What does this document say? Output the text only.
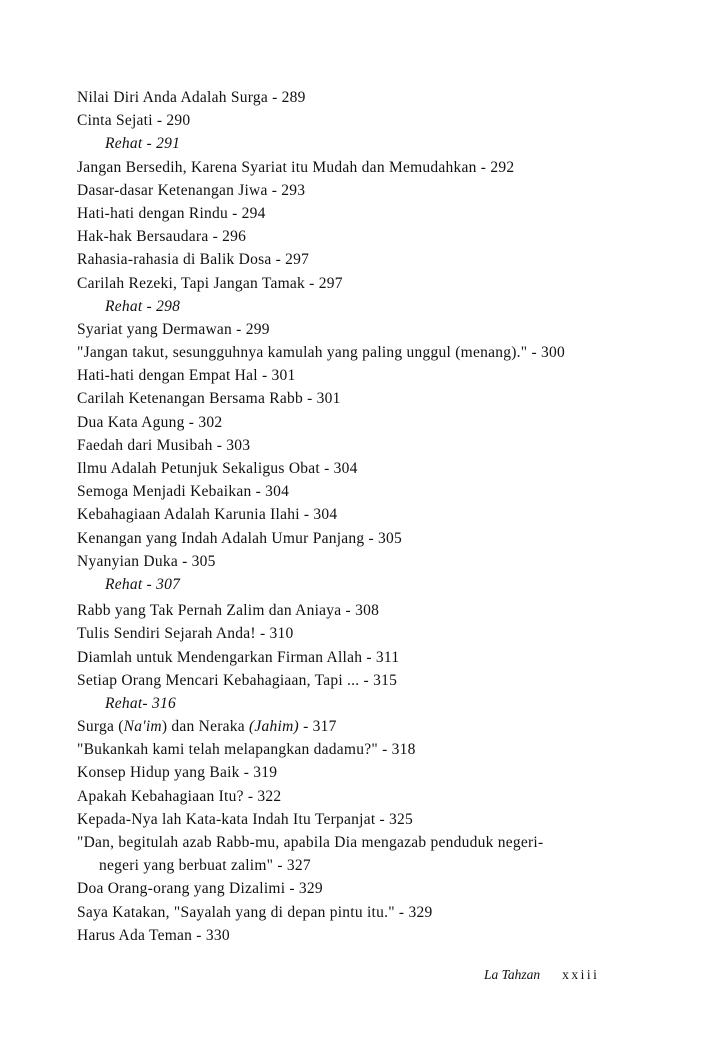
Nilai Diri Anda Adalah Surga - 289
Cinta Sejati - 290
Rehat - 291
Jangan Bersedih, Karena Syariat itu Mudah dan Memudahkan - 292
Dasar-dasar Ketenangan Jiwa - 293
Hati-hati dengan Rindu - 294
Hak-hak Bersaudara - 296
Rahasia-rahasia di Balik Dosa - 297
Carilah Rezeki, Tapi Jangan Tamak - 297
Rehat - 298
Syariat yang Dermawan - 299
"Jangan takut, sesungguhnya kamulah yang paling unggul (menang)." - 300
Hati-hati dengan Empat Hal - 301
Carilah Ketenangan Bersama Rabb - 301
Dua Kata Agung - 302
Faedah dari Musibah - 303
Ilmu Adalah Petunjuk Sekaligus Obat - 304
Semoga Menjadi Kebaikan - 304
Kebahagiaan Adalah Karunia Ilahi - 304
Kenangan yang Indah Adalah Umur Panjang - 305
Nyanyian Duka - 305
Rehat - 307
Rabb yang Tak Pernah Zalim dan Aniaya - 308
Tulis Sendiri Sejarah Anda! - 310
Diamlah untuk Mendengarkan Firman Allah - 311
Setiap Orang Mencari Kebahagiaan, Tapi ... - 315
Rehat- 316
Surga (Na'im) dan Neraka (Jahim) - 317
"Bukankah kami telah melapangkan dadamu?" - 318
Konsep Hidup yang Baik - 319
Apakah Kebahagiaan Itu? - 322
Kepada-Nya lah Kata-kata Indah Itu Terpanjat - 325
"Dan, begitulah azab Rabb-mu, apabila Dia mengazab penduduk negeri-
negeri yang berbuat zalim" - 327
Doa Orang-orang yang Dizalimi - 329
Saya Katakan, "Sayalah yang di depan pintu itu." - 329
Harus Ada Teman - 330
La Tahzan xxiii
